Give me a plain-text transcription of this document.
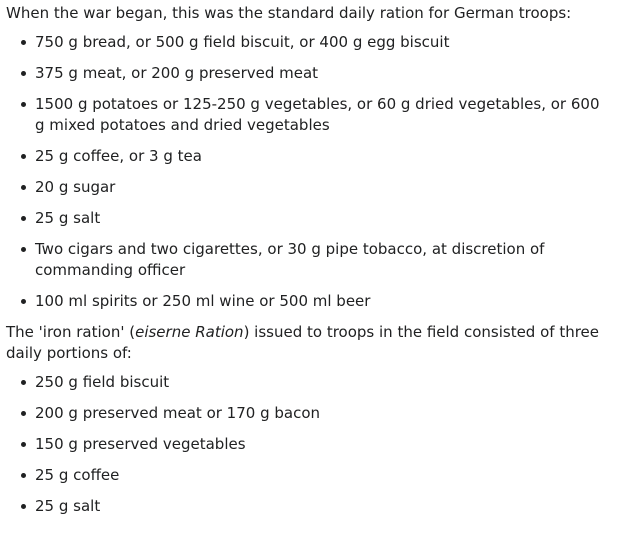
When the war began, this was the standard daily ration for German troops:

750 g bread, or 500 g field biscuit, or 400 g egg biscuit
375 g meat, or 200 g preserved meat
1500 g potatoes or 125-250 g vegetables, or 60 g dried vegetables, or 600 g mixed potatoes and dried vegetables
25 g coffee, or 3 g tea
20 g sugar
25 g salt
Two cigars and two cigarettes, or 30 g pipe tobacco, at discretion of commanding officer
100 ml spirits or 250 ml wine or 500 ml beer

The 'iron ration' (eiserne Ration) issued to troops in the field consisted of three daily portions of:

250 g field biscuit
200 g preserved meat or 170 g bacon
150 g preserved vegetables
25 g coffee
25 g salt
